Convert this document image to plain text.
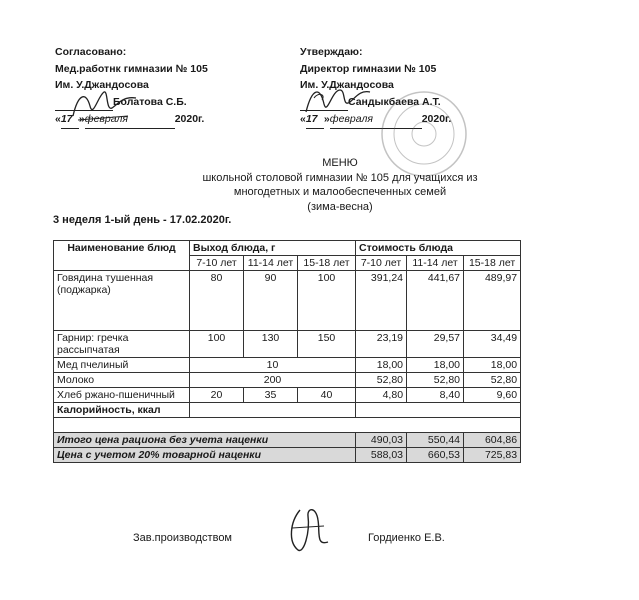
Согласовано:
Мед.работнк гимназии № 105
Им. У.Джандосова
Болатова С.Б.
«17 »февраля	2020г.
Утверждаю:
Директор гимназии № 105
Им. У.Джандосова
Сандыкбаева А.Т.
«17 »февраля	2020г.
МЕНЮ
школьной столовой гимназии № 105 для учащихся из многодетных и малообеспеченных семей
(зима-весна)
3 неделя 1-ый день - 17.02.2020г.
Наименование блюд	Выход блюда, г			Стоимость блюда		
	7-10 лет	11-14 лет	15-18 лет	7-10 лет	11-14 лет	15-18 лет
Говядина тушенная (поджарка)	80	90	100	391,24	441,67	489,97
Гарнир: гречка рассыпчатая	100	130	150	23,19	29,57	34,49
Мед пчелиный	10			18,00	18,00	18,00
Молоко	200			52,80	52,80	52,80
Хлеб ржано-пшеничный	20	35	40	4,80	8,40	9,60
Калорийность, ккал						

Итого цена рациона без учета наценки				490,03	550,44	604,86
Цена с учетом 20% товарной наценки				588,03	660,53	725,83
Зав.производством	Гордиенко Е.В.
